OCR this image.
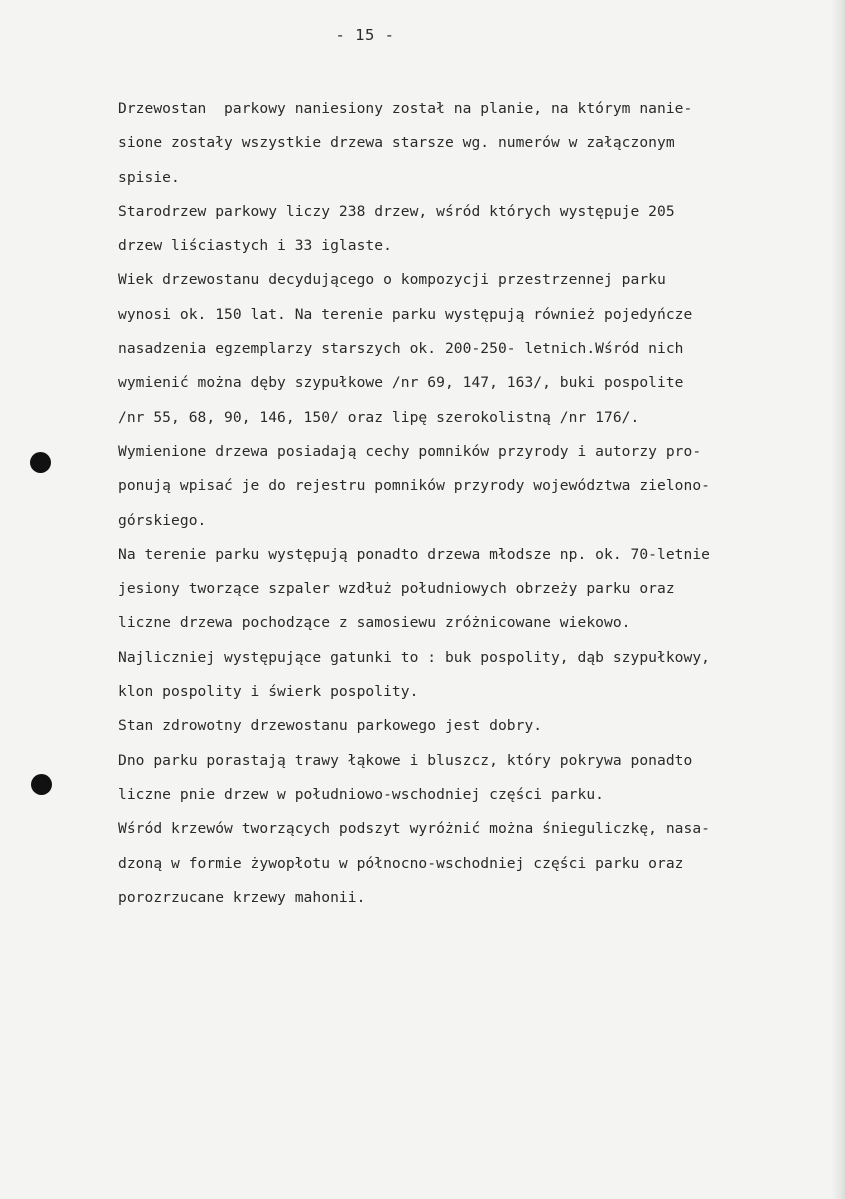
- 15 -
Drzewostan  parkowy naniesiony został na planie, na którym nanie-
sione zostały wszystkie drzewa starsze wg. numerów w załączonym
spisie.
Starodrzew parkowy liczy 238 drzew, wśród których występuje 205
drzew liściastych i 33 iglaste.
Wiek drzewostanu decydującego o kompozycji przestrzennej parku
wynosi ok. 150 lat. Na terenie parku występują również pojedyńcze
nasadzenia egzemplarzy starszych ok. 200-250- letnich.Wśród nich
wymienić można dęby szypułkowe /nr 69, 147, 163/, buki pospolite
/nr 55, 68, 90, 146, 150/ oraz lipę szerokolistną /nr 176/.
Wymienione drzewa posiadają cechy pomników przyrody i autorzy pro-
ponują wpisać je do rejestru pomników przyrody województwa zielono-
górskiego.
Na terenie parku występują ponadto drzewa młodsze np. ok. 70-letnie
jesiony tworzące szpaler wzdłuż południowych obrzeży parku oraz
liczne drzewa pochodzące z samosiewu zróżnicowane wiekowo.
Najliczniej występujące gatunki to : buk pospolity, dąb szypułkowy,
klon pospolity i świerk pospolity.
Stan zdrowotny drzewostanu parkowego jest dobry.
Dno parku porastają trawy łąkowe i bluszcz, który pokrywa ponadto
liczne pnie drzew w południowo-wschodniej części parku.
Wśród krzewów tworzących podszyt wyróżnić można śnieguliczkę, nasa-
dzoną w formie żywopłotu w północno-wschodniej części parku oraz
porozrzucane krzewy mahonii.
